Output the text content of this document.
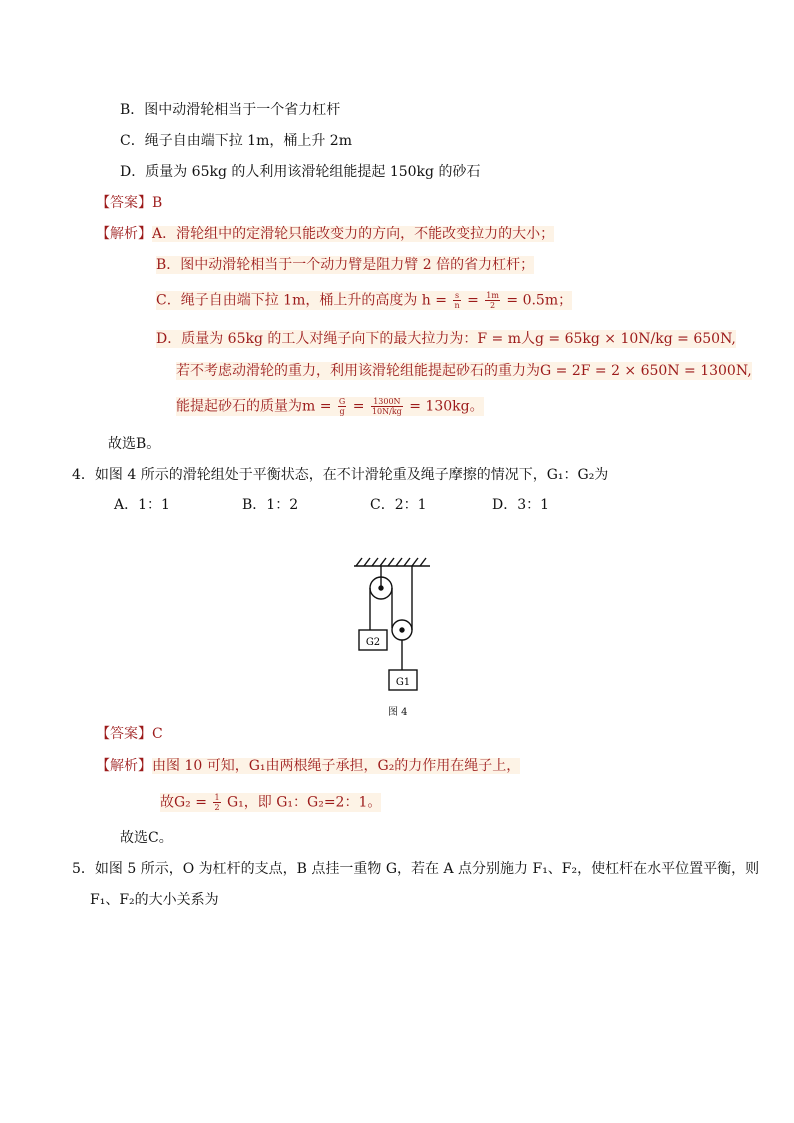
B．图中动滑轮相当于一个省力杠杆
C．绳子自由端下拉 1m，桶上升 2m
D．质量为 65kg 的人利用该滑轮组能提起 150kg 的砂石
【答案】B
【解析】A．滑轮组中的定滑轮只能改变力的方向，不能改变拉力的大小；
B．图中动滑轮相当于一个动力臂是阻力臂 2 倍的省力杠杆；
C．绳子自由端下拉 1m，桶上升的高度为 $h = \frac{s}{n} = \frac{1m}{2} = 0.5m$；
D．质量为 65kg 的工人对绳子向下的最大拉力为：F = m人g = 65kg × 10N/kg = 650N,
若不考虑动滑轮的重力，利用该滑轮组能提起砂石的重力为G = 2F = 2 × 650N = 1300N,
能提起砂石的质量为$m = \frac{G}{g} = \frac{1300N}{10N/kg} = 130kg$。
故选B。
4．如图 4 所示的滑轮组处于平衡状态，在不计滑轮重及绳子摩擦的情况下，G₁：G₂为
A．1：1	B．1：2	C．2：1	D．3：1
G2
G1
图 4
【答案】C
【解析】由图 10 可知，G₁由两根绳子承担，G₂的力作用在绳子上，
故$G_2 = \frac{1}{2} G_1$，即 G₁：G₂=2：1。
故选C。
5．如图 5 所示，O 为杠杆的支点，B 点挂一重物 G，若在 A 点分别施力 F₁、F₂，使杠杆在水平位置平衡，则
F₁、F₂的大小关系为
